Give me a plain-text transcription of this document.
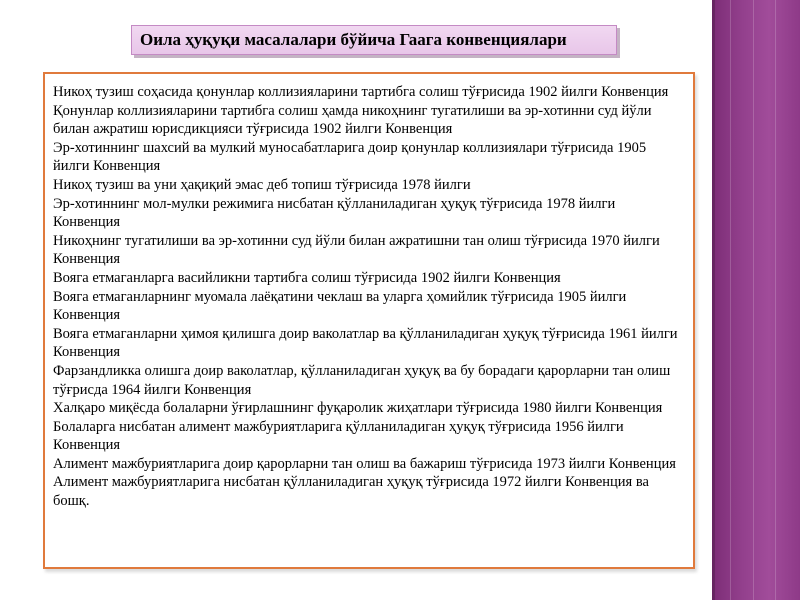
Оила ҳуқуқи масалалари бўйича Гаага конвенциялари

Никоҳ тузиш соҳасида қонунлар коллизияларини тартибга солиш тўғрисида 1902 йилги Конвенция

Қонунлар коллизияларини тартибга солиш ҳамда никоҳнинг тугатилиши ва эр-хотинни суд йўли билан ажратиш юрисдикцияси тўғрисида 1902 йилги Конвенция

Эр-хотиннинг шахсий ва мулкий муносабатларига доир қонунлар коллизиялари тўғрисида 1905 йилги Конвенция

Никоҳ тузиш ва уни ҳақиқий эмас деб топиш тўғрисида 1978 йилги

Эр-хотиннинг мол-мулки режимига нисбатан қўлланиладиган ҳуқуқ тўғрисида 1978 йилги Конвенция

Никоҳнинг тугатилиши ва эр-хотинни суд йўли билан ажратишни тан олиш тўғрисида 1970 йилги Конвенция

Вояга етмаганларга васийликни тартибга солиш тўғрисида 1902 йилги Конвенция

Вояга етмаганларнинг муомала лаёқатини чеклаш ва уларга ҳомийлик тўғрисида 1905 йилги Конвенция

Вояга етмаганларни ҳимоя қилишга доир ваколатлар ва қўлланиладиган ҳуқуқ тўғрисида 1961 йилги Конвенция

Фарзандликка олишга доир ваколатлар, қўлланиладиган ҳуқуқ ва бу борадаги қарорларни тан олиш тўғрисда 1964 йилги Конвенция

Халқаро миқёсда болаларни ўғирлашнинг фуқаролик жиҳатлари тўғрисида 1980 йилги Конвенция

Болаларга нисбатан алимент мажбуриятларига қўлланиладиган ҳуқуқ тўғрисида 1956 йилги Конвенция

Алимент мажбуриятларига доир қарорларни тан олиш ва бажариш тўғрисида 1973 йилги Конвенция

Алимент мажбуриятларига нисбатан қўлланиладиган ҳуқуқ тўғрисида 1972 йилги Конвенция ва бошқ.
